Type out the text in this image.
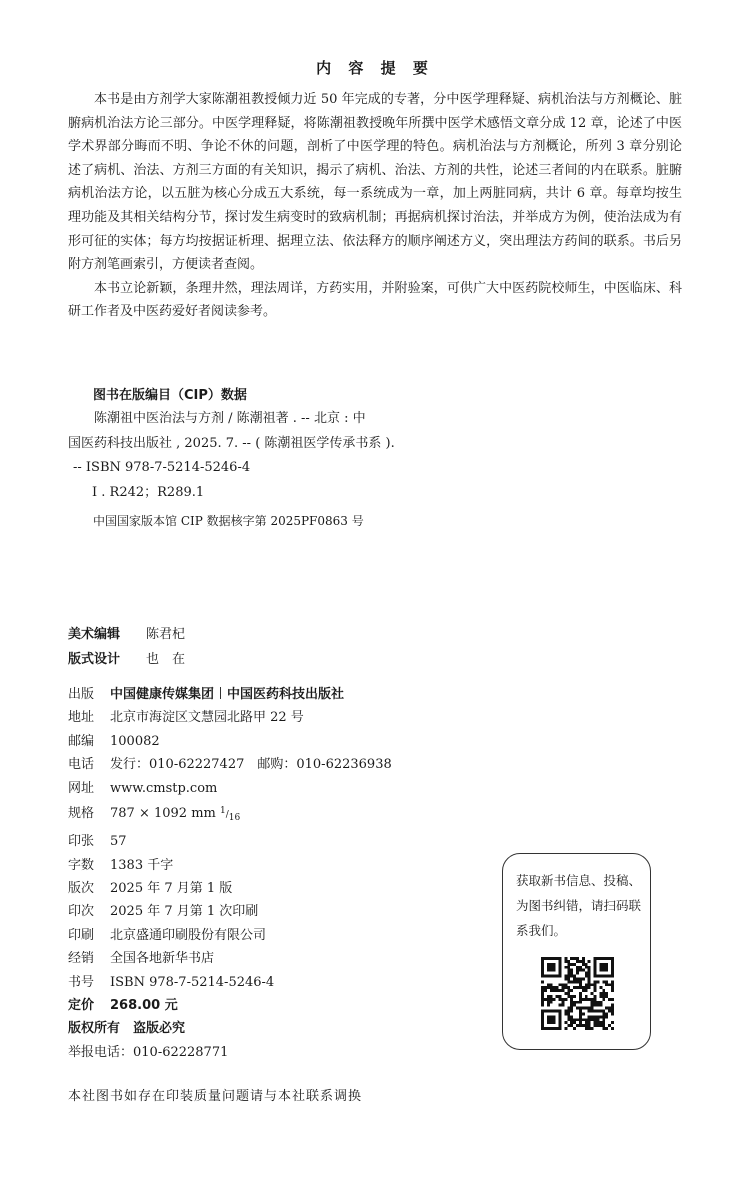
内 容 提 要

本书是由方剂学大家陈潮祖教授倾力近 50 年完成的专著，分中医学理释疑、病机治法与方剂概论、脏腑病机治法方论三部分。中医学理释疑，将陈潮祖教授晚年所撰中医学术感悟文章分成 12 章，论述了中医学术界部分晦而不明、争论不休的问题，剖析了中医学理的特色。病机治法与方剂概论，所列 3 章分别论述了病机、治法、方剂三方面的有关知识，揭示了病机、治法、方剂的共性，论述三者间的内在联系。脏腑病机治法方论，以五脏为核心分成五大系统，每一系统成为一章，加上两脏同病，共计 6 章。每章均按生理功能及其相关结构分节，探讨发生病变时的致病机制；再据病机探讨治法，并举成方为例，使治法成为有形可征的实体；每方均按据证析理、据理立法、依法释方的顺序阐述方义，突出理法方药间的联系。书后另附方剂笔画索引，方便读者查阅。

本书立论新颖，条理井然，理法周详，方药实用，并附验案，可供广大中医药院校师生，中医临床、科研工作者及中医药爱好者阅读参考。

图书在版编目（CIP）数据
陈潮祖中医治法与方剂 / 陈潮祖著 . -- 北京 : 中
国医药科技出版社 , 2025. 7. -- ( 陈潮祖医学传承书系 ).
-- ISBN 978-7-5214-5246-4
Ⅰ . R242；R289.1
中国国家版本馆 CIP 数据核字第 2025PF0863 号
美术编辑 陈君杞
版式设计 也　在
出版 中国健康传媒集团 中国医药科技出版社
地址 北京市海淀区文慧园北路甲 22 号
邮编 100082
电话 发行：010-62227427　邮购：010-62236938
网址 www.cmstp.com
规格 787 × 1092 mm $^1/_{16}$
印张 57
字数 1383 千字
版次 2025 年 7 月第 1 版
印次 2025 年 7 月第 1 次印刷
印刷 北京盛通印刷股份有限公司
经销 全国各地新华书店
书号 ISBN 978-7-5214-5246-4
定价 268.00 元
版权所有　盗版必究
举报电话：010-62228771
获取新书信息、投稿、为图书纠错，请扫码联系我们。
本社图书如存在印装质量问题请与本社联系调换
